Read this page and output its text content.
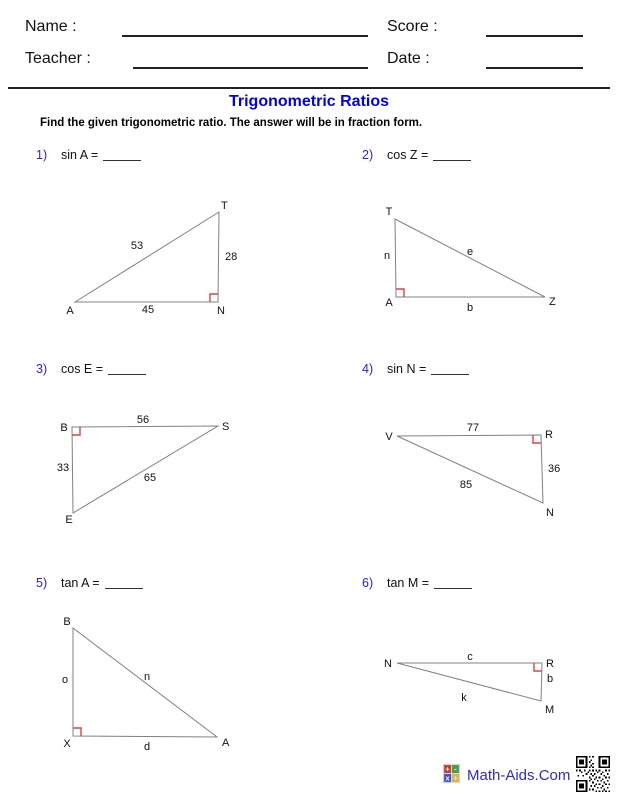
Name :
Teacher :
Score :
Date :
Trigonometric Ratios
Find the given trigonometric ratio. The answer will be in fraction form.
1) sin A =	2) cos Z =
3) cos E =	4) sin N =
5) tan A =	6) tan M =
T
A	N
53
28
45
T
A	Z
n	e
b
B	S
E
56
33
65
V	R
N
77
36
85
B
X	A
o	n
d
N	R
M
c
b
k
+ -
x ÷ Math-Aids.Com
